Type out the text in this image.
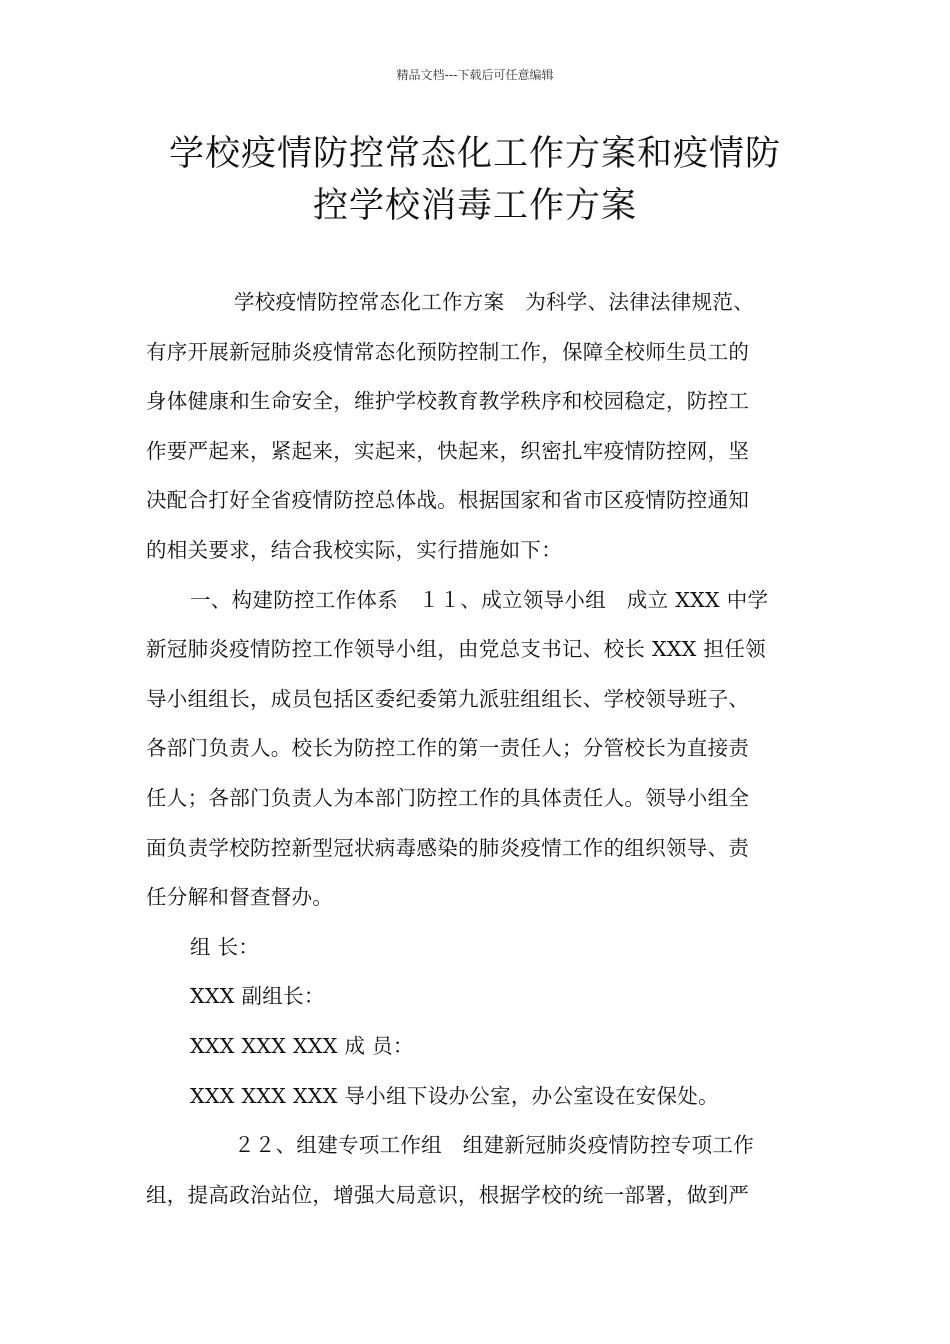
精品文档---下载后可任意编辑
学校疫情防控常态化工作方案和疫情防
控学校消毒工作方案
学校疫情防控常态化工作方案　为科学、法律法律规范、
有序开展新冠肺炎疫情常态化预防控制工作，保障全校师生员工的
身体健康和生命安全，维护学校教育教学秩序和校园稳定，防控工
作要严起来，紧起来，实起来，快起来，织密扎牢疫情防控网，坚
决配合打好全省疫情防控总体战。根据国家和省市区疫情防控通知
的相关要求，结合我校实际，实行措施如下：
一、构建防控工作体系　１１、成立领导小组　成立 XXX 中学
新冠肺炎疫情防控工作领导小组，由党总支书记、校长 XXX 担任领
导小组组长，成员包括区委纪委第九派驻组组长、学校领导班子、
各部门负责人。校长为防控工作的第一责任人；分管校长为直接责
任人；各部门负责人为本部门防控工作的具体责任人。领导小组全
面负责学校防控新型冠状病毒感染的肺炎疫情工作的组织领导、责
任分解和督查督办。
组 长：
XXX 副组长：
XXX XXX XXX 成 员：
XXX XXX XXX 导小组下设办公室，办公室设在安保处。
２２、组建专项工作组　组建新冠肺炎疫情防控专项工作
组，提高政治站位，增强大局意识，根据学校的统一部署，做到严
